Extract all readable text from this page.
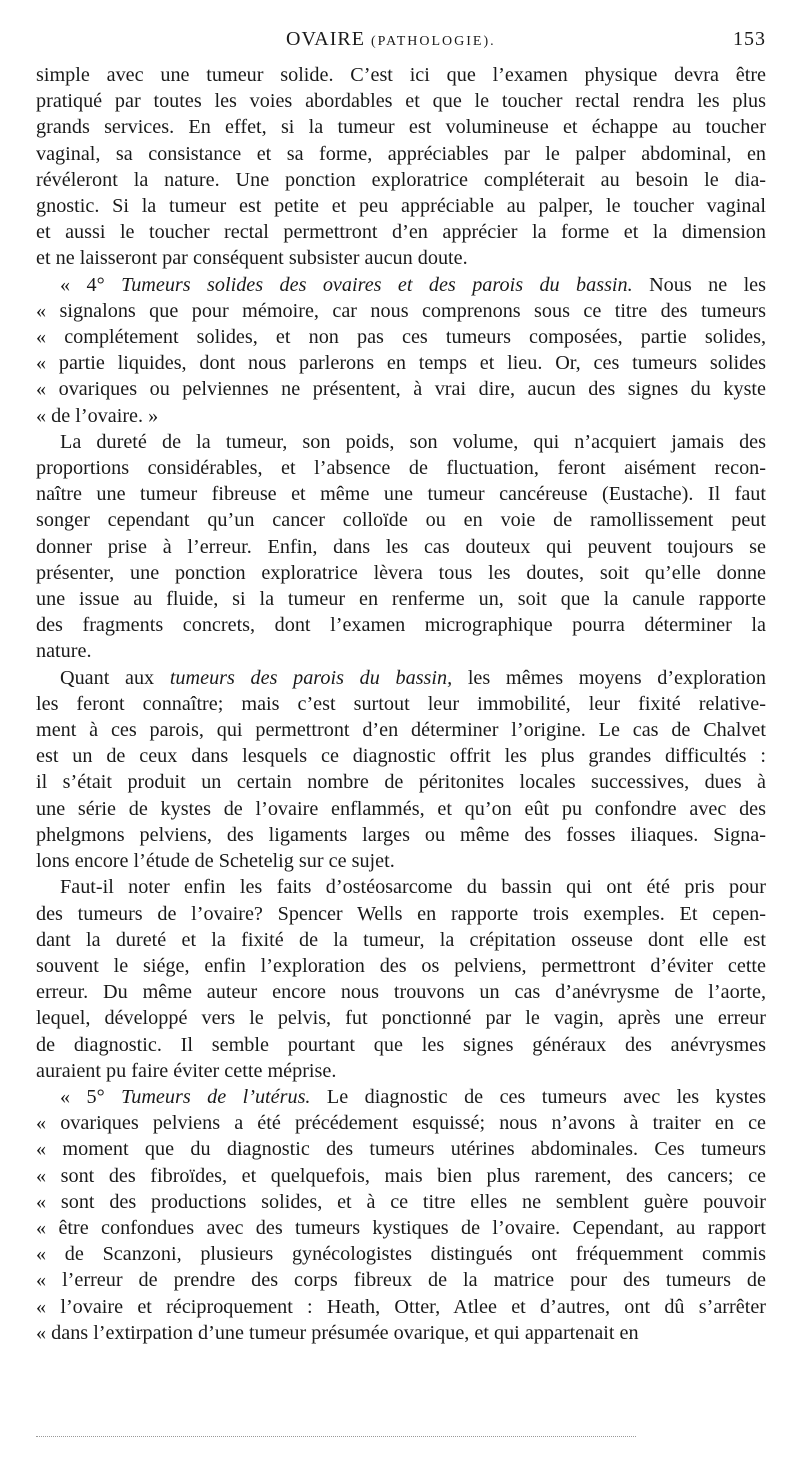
OVAIRE (PATHOLOGIE).	153

simple avec une tumeur solide. C’est ici que l’examen physique devra être
pratiqué par toutes les voies abordables et que le toucher rectal rendra les plus
grands services. En effet, si la tumeur est volumineuse et échappe au toucher
vaginal, sa consistance et sa forme, appréciables par le palper abdominal, en
révéleront la nature. Une ponction exploratrice compléterait au besoin le dia-
gnostic. Si la tumeur est petite et peu appréciable au palper, le toucher vaginal
et aussi le toucher rectal permettront d’en apprécier la forme et la dimension
et ne laisseront par conséquent subsister aucun doute.

« 4° Tumeurs solides des ovaires et des parois du bassin. Nous ne les
« signalons que pour mémoire, car nous comprenons sous ce titre des tumeurs
« complétement solides, et non pas ces tumeurs composées, partie solides,
« partie liquides, dont nous parlerons en temps et lieu. Or, ces tumeurs solides
« ovariques ou pelviennes ne présentent, à vrai dire, aucun des signes du kyste
« de l’ovaire. »

La dureté de la tumeur, son poids, son volume, qui n’acquiert jamais des
proportions considérables, et l’absence de fluctuation, feront aisément recon-
naître une tumeur fibreuse et même une tumeur cancéreuse (Eustache). Il faut
songer cependant qu’un cancer colloïde ou en voie de ramollissement peut
donner prise à l’erreur. Enfin, dans les cas douteux qui peuvent toujours se
présenter, une ponction exploratrice lèvera tous les doutes, soit qu’elle donne
une issue au fluide, si la tumeur en renferme un, soit que la canule rapporte
des fragments concrets, dont l’examen micrographique pourra déterminer la
nature.

Quant aux tumeurs des parois du bassin, les mêmes moyens d’exploration
les feront connaître; mais c’est surtout leur immobilité, leur fixité relative-
ment à ces parois, qui permettront d’en déterminer l’origine. Le cas de Chalvet
est un de ceux dans lesquels ce diagnostic offrit les plus grandes difficultés :
il s’était produit un certain nombre de péritonites locales successives, dues à
une série de kystes de l’ovaire enflammés, et qu’on eût pu confondre avec des
phelgmons pelviens, des ligaments larges ou même des fosses iliaques. Signa-
lons encore l’étude de Schetelig sur ce sujet.

Faut-il noter enfin les faits d’ostéosarcome du bassin qui ont été pris pour
des tumeurs de l’ovaire? Spencer Wells en rapporte trois exemples. Et cepen-
dant la dureté et la fixité de la tumeur, la crépitation osseuse dont elle est
souvent le siége, enfin l’exploration des os pelviens, permettront d’éviter cette
erreur. Du même auteur encore nous trouvons un cas d’anévrysme de l’aorte,
lequel, développé vers le pelvis, fut ponctionné par le vagin, après une erreur
de diagnostic. Il semble pourtant que les signes généraux des anévrysmes
auraient pu faire éviter cette méprise.

« 5° Tumeurs de l’utérus. Le diagnostic de ces tumeurs avec les kystes
« ovariques pelviens a été précédement esquissé; nous n’avons à traiter en ce
« moment que du diagnostic des tumeurs utérines abdominales. Ces tumeurs
« sont des fibroïdes, et quelquefois, mais bien plus rarement, des cancers; ce
« sont des productions solides, et à ce titre elles ne semblent guère pouvoir
« être confondues avec des tumeurs kystiques de l’ovaire. Cependant, au rapport
« de Scanzoni, plusieurs gynécologistes distingués ont fréquemment commis
« l’erreur de prendre des corps fibreux de la matrice pour des tumeurs de
« l’ovaire et réciproquement : Heath, Otter, Atlee et d’autres, ont dû s’arrêter
« dans l’extirpation d’une tumeur présumée ovarique, et qui appartenait en
